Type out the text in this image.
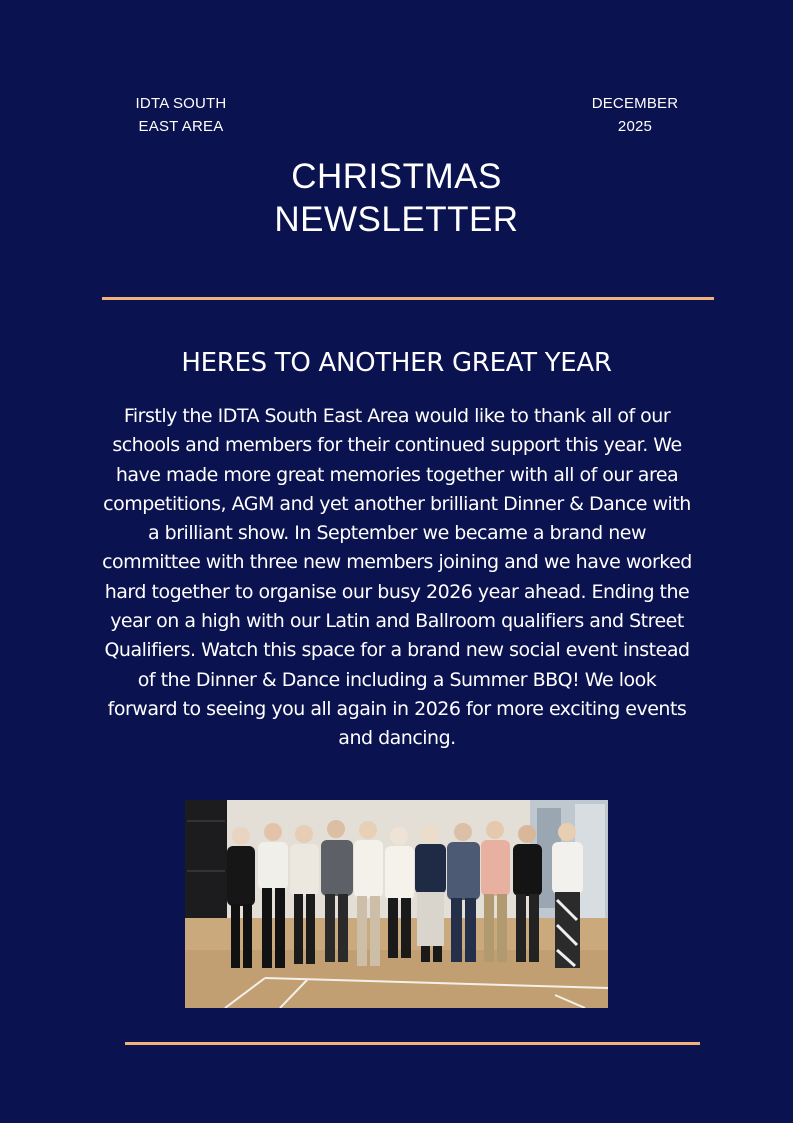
IDTA SOUTH
EAST AREA
DECEMBER
2025
CHRISTMAS
NEWSLETTER
HERES TO ANOTHER GREAT YEAR
Firstly the IDTA South East Area would like to thank all of our schools and members for their continued support this year. We have made more great memories together with all of our area competitions, AGM and yet another brilliant Dinner & Dance with a brilliant show. In September we became a brand new committee with three new members joining and we have worked hard together to organise our busy 2026 year ahead. Ending the year on a high with our Latin and Ballroom qualifiers and Street Qualifiers. Watch this space for a brand new social event instead of the Dinner & Dance including a Summer BBQ! We look forward to seeing you all again in 2026 for more exciting events and dancing.
